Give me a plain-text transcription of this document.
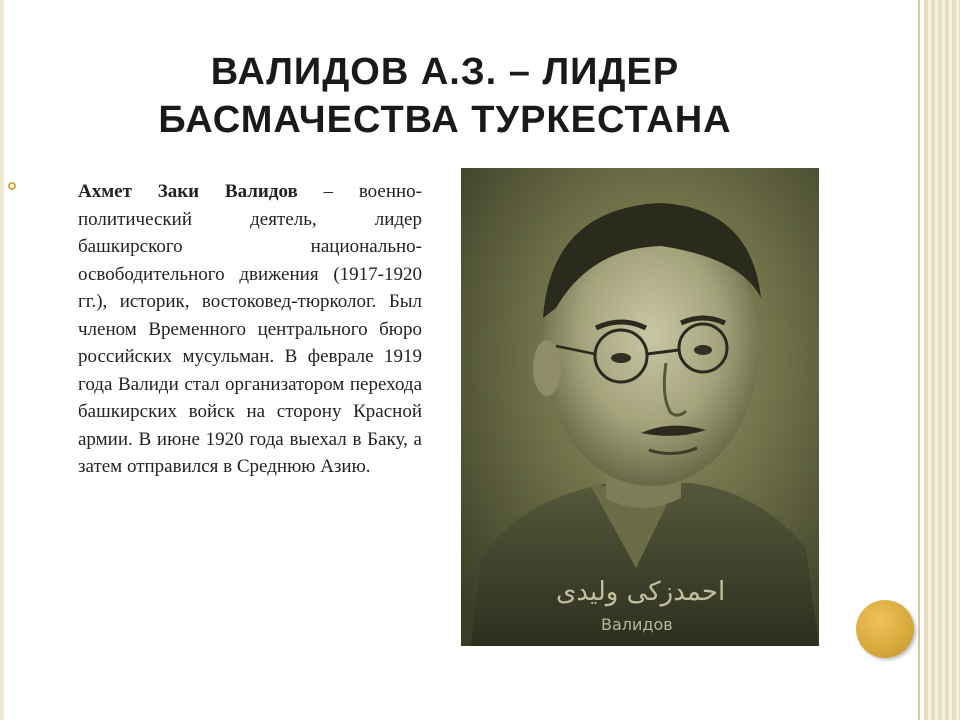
ВАЛИДОВ А.З. – ЛИДЕР
БАСМАЧЕСТВА ТУРКЕСТАНА

Ахмет Заки Валидов – военно-политический деятель, лидер башкирского национально-освободительного движения (1917-1920 гг.), историк, востоковед-тюрколог. Был членом Временного центрального бюро российских мусульман. В феврале 1919 года Валиди стал организатором перехода башкирских войск на сторону Красной армии. В июне 1920 года выехал в Баку, а затем отправился в Среднюю Азию.

احمدزكى وليدى
Валидов
